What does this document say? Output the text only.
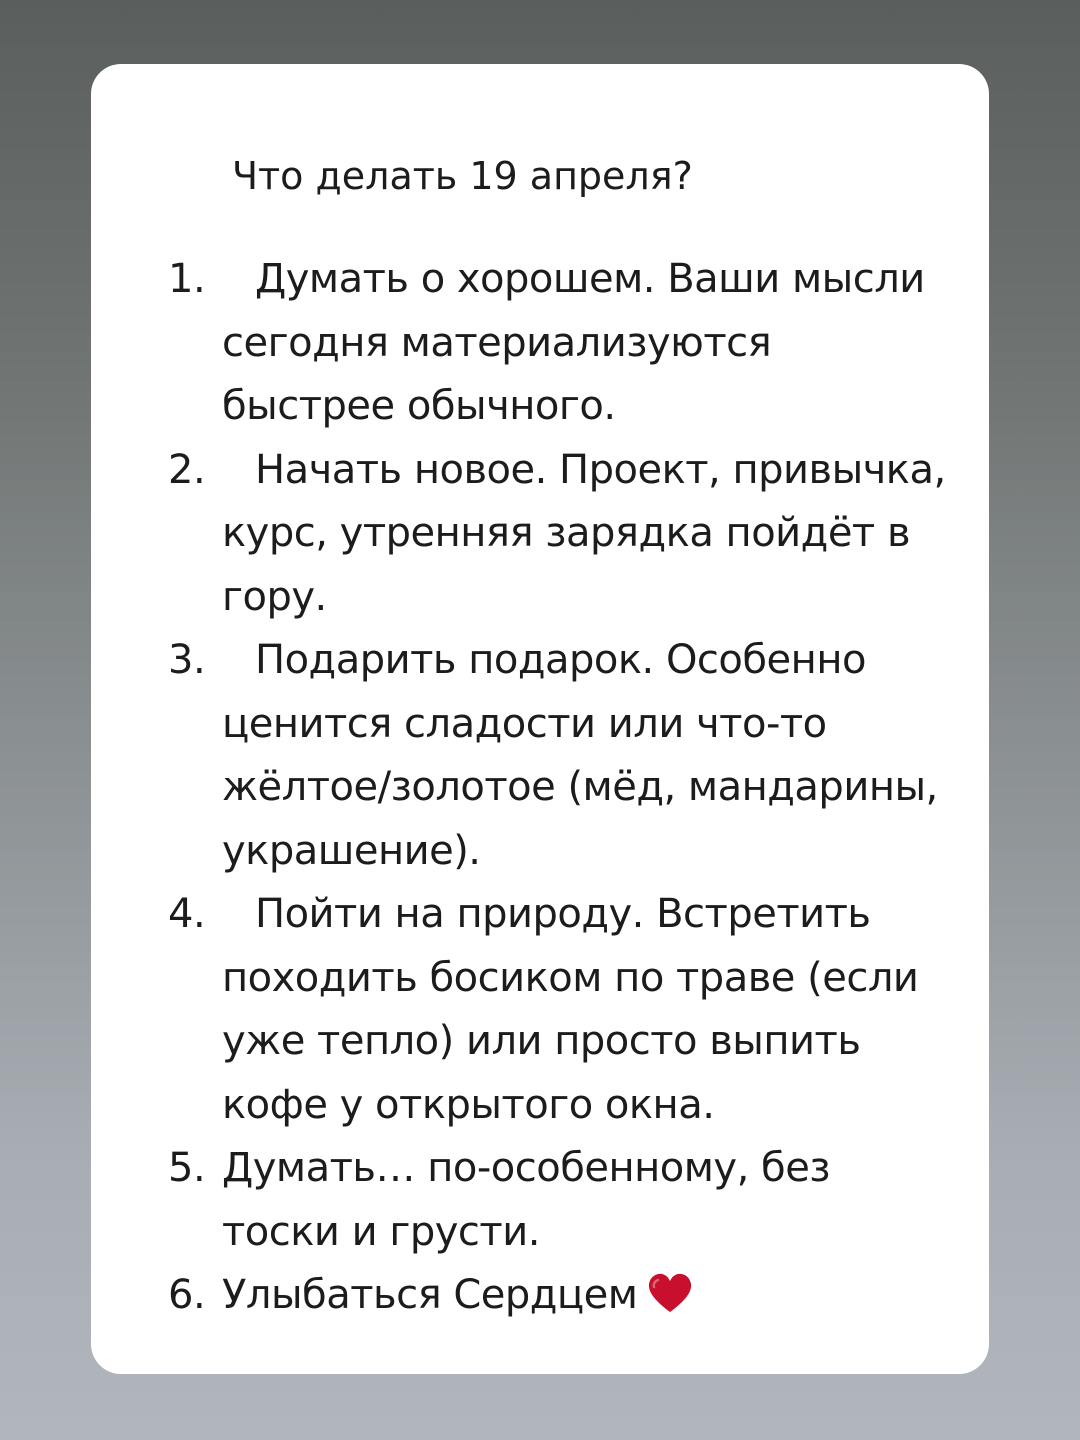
Что делать 19 апреля?
1.	Думать о хорошем. Ваши мысли сегодня материализуются быстрее обычного.
2.	Начать новое. Проект, привычка, курс, утренняя зарядка пойдёт в гору.
3.	Подарить подарок. Особенно ценится сладости или что-то жёлтое/золотое (мёд, мандарины, украшение).
4.	Пойти на природу. Встретить походить босиком по траве (если уже тепло) или просто выпить кофе у открытого окна.
5. Думать… по-особенному, без тоски и грусти.
6. Улыбаться Сердцем
